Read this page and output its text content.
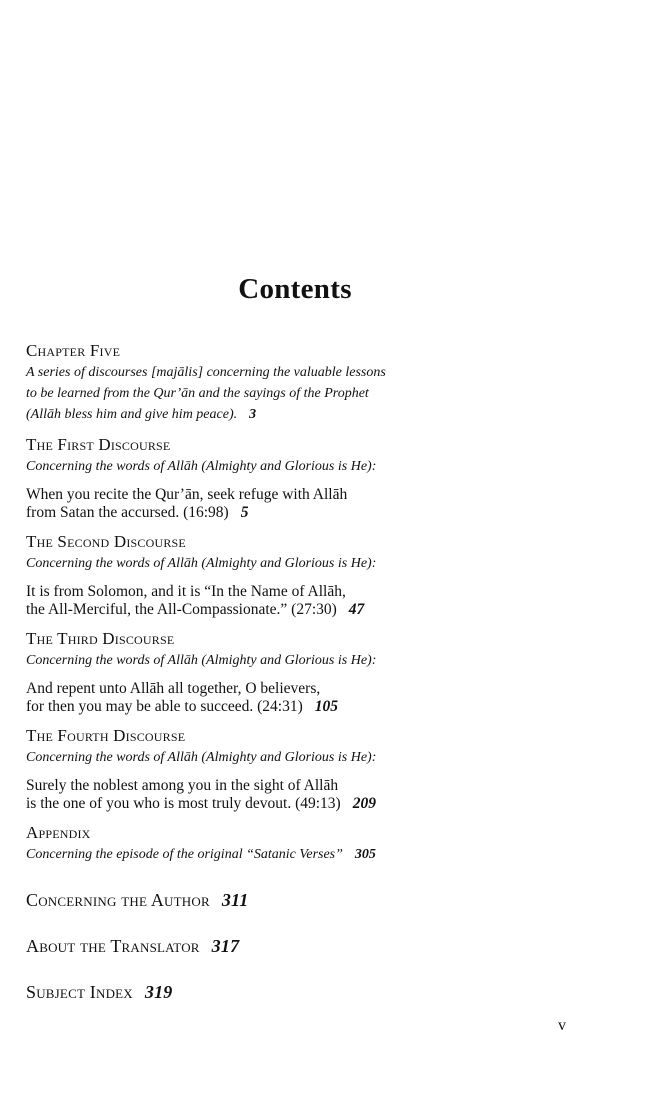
Contents
Chapter Five
A series of discourses [majālis] concerning the valuable lessons
to be learned from the Qur’ān and the sayings of the Prophet
(Allāh bless him and give him peace). 3
The First Discourse
Concerning the words of Allāh (Almighty and Glorious is He):
When you recite the Qur’ān, seek refuge with Allāh
from Satan the accursed. (16:98) 5
The Second Discourse
Concerning the words of Allāh (Almighty and Glorious is He):
It is from Solomon, and it is “In the Name of Allāh,
the All-Merciful, the All-Compassionate.” (27:30) 47
The Third Discourse
Concerning the words of Allāh (Almighty and Glorious is He):
And repent unto Allāh all together, O believers,
for then you may be able to succeed. (24:31) 105
The Fourth Discourse
Concerning the words of Allāh (Almighty and Glorious is He):
Surely the noblest among you in the sight of Allāh
is the one of you who is most truly devout. (49:13) 209
Appendix
Concerning the episode of the original “Satanic Verses” 305
Concerning the Author 311
About the Translator 317
Subject Index 319
v
